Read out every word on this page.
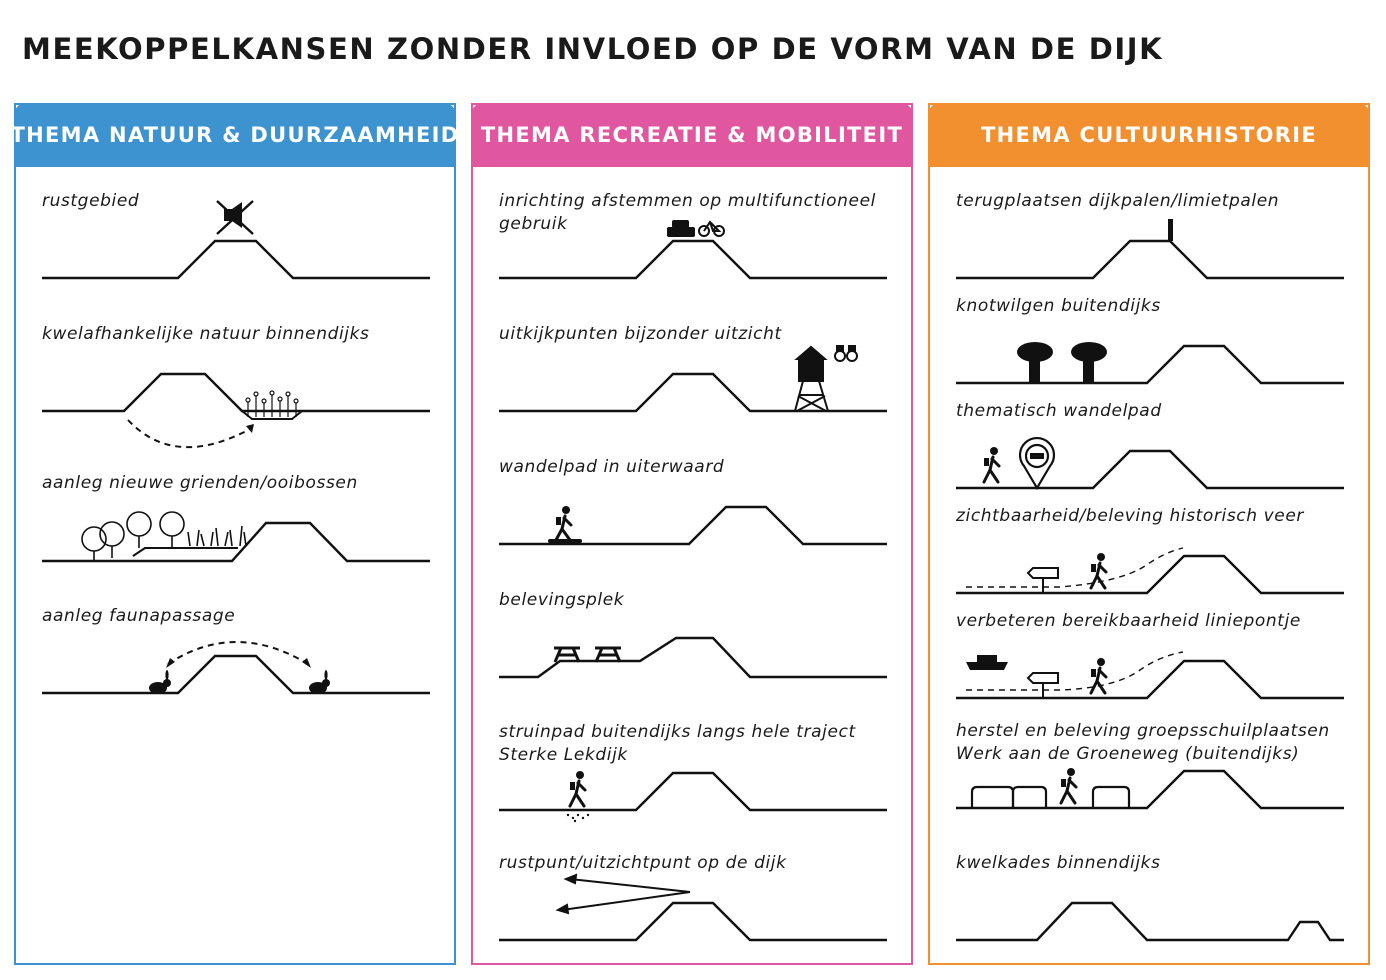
MEEKOPPELKANSEN ZONDER INVLOED OP DE VORM VAN DE DIJK
THEMA NATUUR & DUURZAAMHEID	THEMA RECREATIE & MOBILITEIT	THEMA CULTUURHISTORIE
rustgebied
kwelafhankelijke natuur binnendijks
aanleg nieuwe grienden/ooibossen
aanleg faunapassage
inrichting afstemmen op multifunctioneel
gebruik
uitkijkpunten bijzonder uitzicht
wandelpad in uiterwaard
belevingsplek
struinpad buitendijks langs hele traject
Sterke Lekdijk
rustpunt/uitzichtpunt op de dijk
terugplaatsen dijkpalen/limietpalen
knotwilgen buitendijks
thematisch wandelpad
zichtbaarheid/beleving historisch veer
verbeteren bereikbaarheid liniepontje
herstel en beleving groepsschuilplaatsen
Werk aan de Groeneweg (buitendijks)
kwelkades binnendijks
